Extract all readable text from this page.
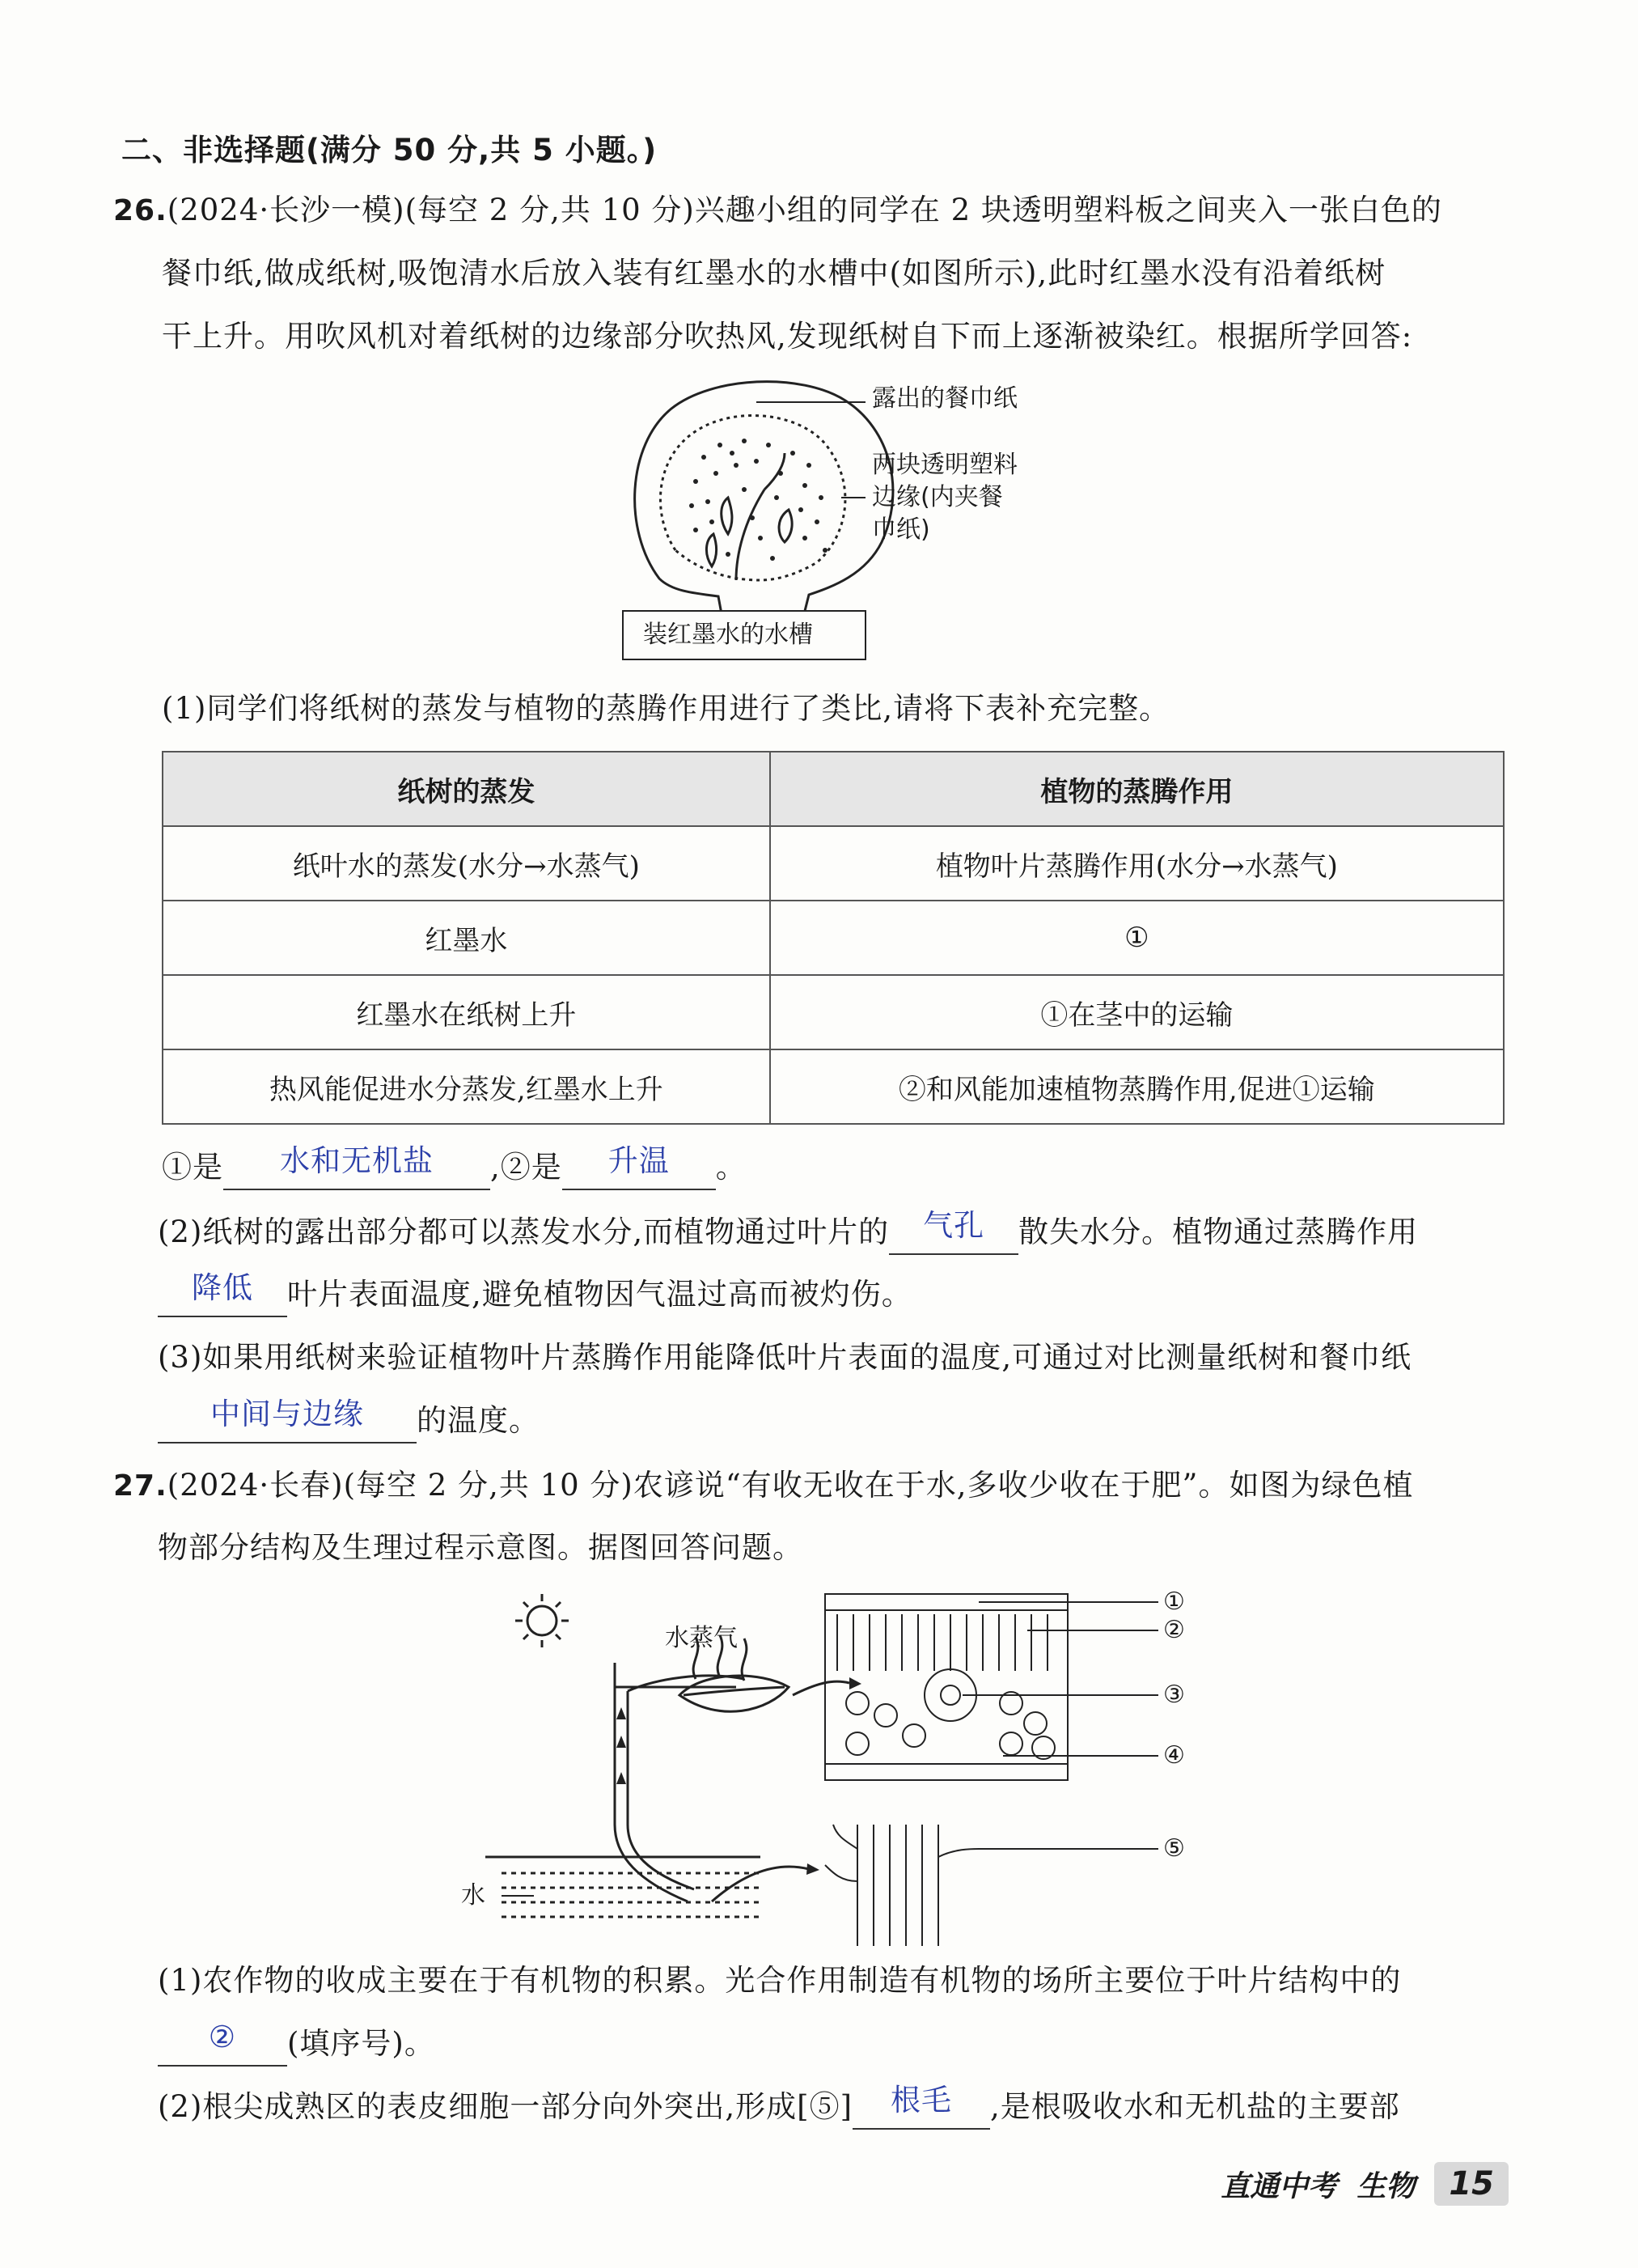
二、非选择题(满分 50 分,共 5 小题。)
26.(2024·长沙一模)(每空 2 分,共 10 分)兴趣小组的同学在 2 块透明塑料板之间夹入一张白色的
餐巾纸,做成纸树,吸饱清水后放入装有红墨水的水槽中(如图所示),此时红墨水没有沿着纸树
干上升。用吹风机对着纸树的边缘部分吹热风,发现纸树自下而上逐渐被染红。根据所学回答:
露出的餐巾纸
两块透明塑料
边缘(内夹餐
巾纸)
装红墨水的水槽
(1)同学们将纸树的蒸发与植物的蒸腾作用进行了类比,请将下表补充完整。
纸树的蒸发	植物的蒸腾作用
纸叶水的蒸发(水分→水蒸气)	植物叶片蒸腾作用(水分→水蒸气)
红墨水	①
红墨水在纸树上升	①在茎中的运输
热风能促进水分蒸发,红墨水上升	②和风能加速植物蒸腾作用,促进①运输
①是	水和无机盐	,②是	升温	。
(2)纸树的露出部分都可以蒸发水分,而植物通过叶片的	气孔	散失水分。植物通过蒸腾作用
降低	叶片表面温度,避免植物因气温过高而被灼伤。
(3)如果用纸树来验证植物叶片蒸腾作用能降低叶片表面的温度,可通过对比测量纸树和餐巾纸
中间与边缘	的温度。
27.(2024·长春)(每空 2 分,共 10 分)农谚说“有收无收在于水,多收少收在于肥”。如图为绿色植
物部分结构及生理过程示意图。据图回答问题。
水蒸气
水
①
②
③
④
⑤
(1)农作物的收成主要在于有机物的积累。光合作用制造有机物的场所主要位于叶片结构中的
②	(填序号)。
(2)根尖成熟区的表皮细胞一部分向外突出,形成[⑤]	根毛	,是根吸收水和无机盐的主要部
直通中考 生物	15
